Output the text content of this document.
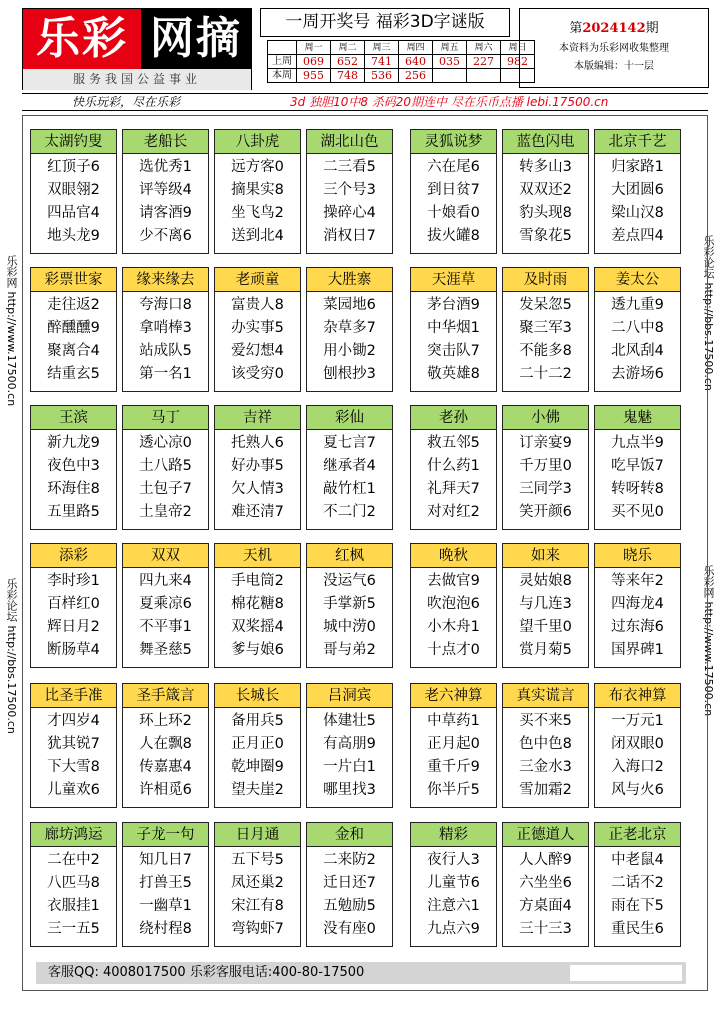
乐彩 网摘
服务我国公益事业
一周开奖号 福彩3D字谜版
	周一	周二	周三	周四	周五	周六	周日
上周	069	652	741	640	035	227	982
本周	955	748	536	256			
第2024142期
本资料为乐彩网收集整理
本版编辑：十一层
快乐玩彩，尽在乐彩	3d 独胆10中8 杀码20期连中 尽在乐币点播 lebi.17500.cn
乐彩网 http://www.17500.cn
乐彩论坛 http://bbs.17500.cn
乐彩论坛 http://bbs.17500.cn
乐彩网 http://www.17500.cn
太湖钓叟
红顶子6
双眼翎2
四品官4
地头龙9
老船长
选优秀1
评等级4
请客酒9
少不离6
八卦虎
远方客0
摘果实8
坐飞鸟2
送到北4
湖北山色
二三看5
三个号3
操碎心4
消权日7
灵狐说梦
六在尾6
到日贫7
十娘看0
拔火罐8
蓝色闪电
转多山3
双双还2
豹头现8
雪象花5
北京千艺
归家路1
大团圆6
梁山汉8
差点四4
彩票世家
走往返2
醉醺醺9
聚离合4
结重玄5
缘来缘去
夸海口8
拿哨棒3
站成队5
第一名1
老顽童
富贵人8
办实事5
爱幻想4
该受穷0
大胜寨
菜园地6
杂草多7
用小锄2
刨根抄3
天涯草
茅台酒9
中华烟1
突击队7
敬英雄8
及时雨
发呆忽5
聚三军3
不能多8
二十二2
姜太公
透九重9
二八中8
北风刮4
去游场6
王滨
新九龙9
夜色中3
环海住8
五里路5
马丁
透心凉0
土八路5
土包子7
土皇帝2
吉祥
托熟人6
好办事5
欠人情3
难还清7
彩仙
夏七言7
继承者4
敲竹杠1
不二门2
老孙
救五邻5
什么药1
礼拜天7
对对红2
小佛
订亲宴9
千万里0
三同学3
笑开颜6
鬼魅
九点半9
吃早饭7
转呀转8
买不见0
添彩
李时珍1
百样红0
辉日月2
断肠草4
双双
四九来4
夏乘凉6
不平事1
舞圣慈5
天机
手电筒2
棉花糖8
双桨摇4
爹与娘6
红枫
没运气6
手掌新5
城中涝0
哥与弟2
晚秋
去做官9
吹泡泡6
小木舟1
十点才0
如来
灵姑娘8
与几连3
望千里0
赏月菊5
晓乐
等来年2
四海龙4
过东海6
国界碑1
比圣手准
才四岁4
犹其锐7
下大雪8
儿童欢6
圣手箴言
环上环2
人在飘8
传嘉惠4
许相觅6
长城长
备用兵5
正月正0
乾坤圈9
望夫崖2
吕洞宾
体建壮5
有高朋9
一片白1
哪里找3
老六神算
中草药1
正月起0
重千斤9
你半斤5
真实谎言
买不来5
色中色8
三金水3
雪加霜2
布衣神算
一万元1
闭双眼0
入海口2
风与火6
廊坊鸿运
二在中2
八匹马8
衣服挂1
三一五5
子龙一句
知几日7
打兽王5
一幽草1
绕村程8
日月通
五下号5
凤还巢2
宋江有8
弯钩虾7
金和
二来防2
迁日还7
五勉励5
没有座0
精彩
夜行人3
儿童节6
注意六1
九点六9
正德道人
人人醉9
六坐坐6
方桌面4
三十三3
正老北京
中老鼠4
二话不2
雨在下5
重民生6
客服QQ: 4008017500 乐彩客服电话:400-80-17500
